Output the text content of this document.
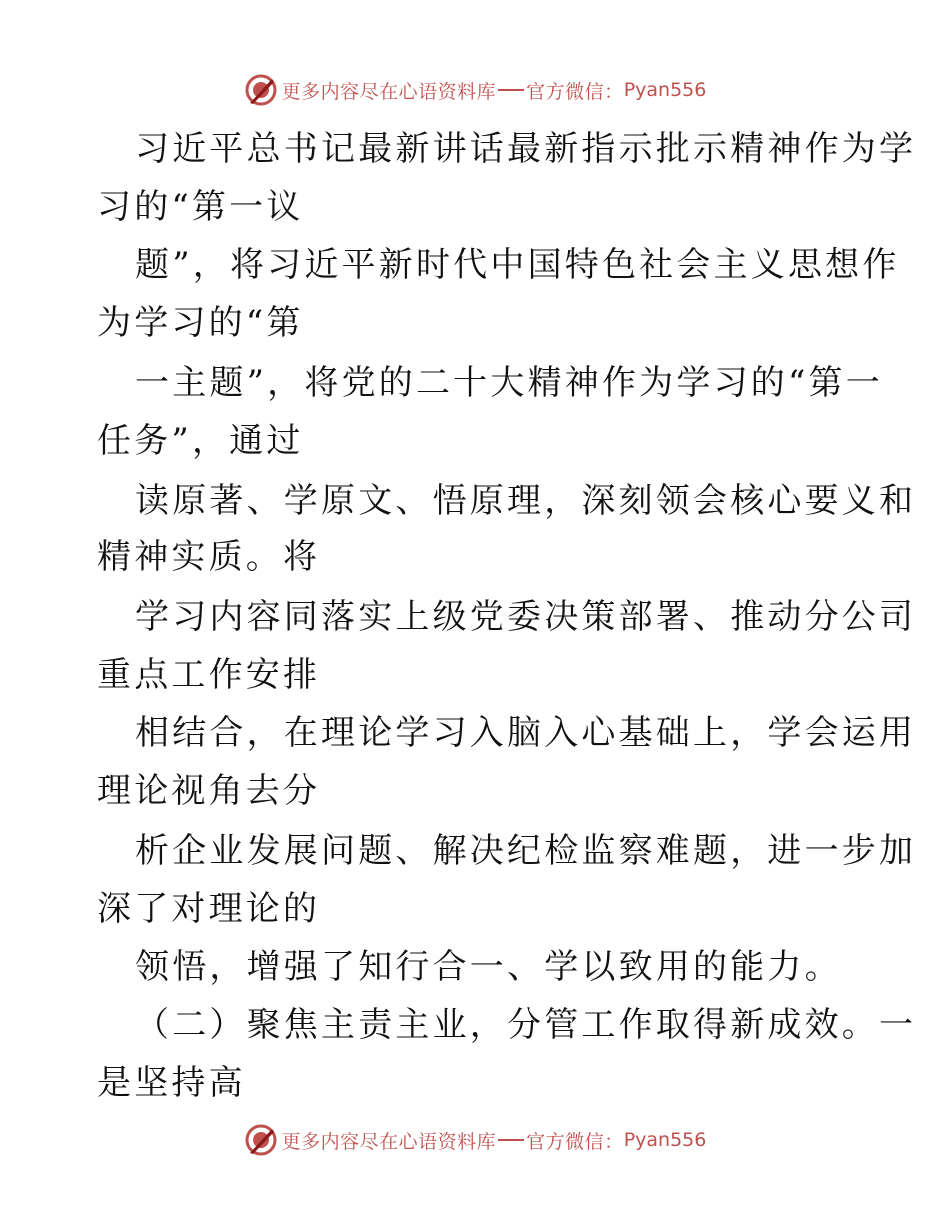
更多内容尽在心语资料库 官方微信： Pyan556
习近平总书记最新讲话最新指示批示精神作为学
习的“第一议
题”，将习近平新时代中国特色社会主义思想作
为学习的“第
一主题”，将党的二十大精神作为学习的“第一
任务”，通过
读原著、学原文、悟原理，深刻领会核心要义和
精神实质。将
学习内容同落实上级党委决策部署、推动分公司
重点工作安排
相结合，在理论学习入脑入心基础上，学会运用
理论视角去分
析企业发展问题、解决纪检监察难题，进一步加
深了对理论的
领悟，增强了知行合一、学以致用的能力。
（二）聚焦主责主业，分管工作取得新成效。一
是坚持高
更多内容尽在心语资料库 官方微信： Pyan556
